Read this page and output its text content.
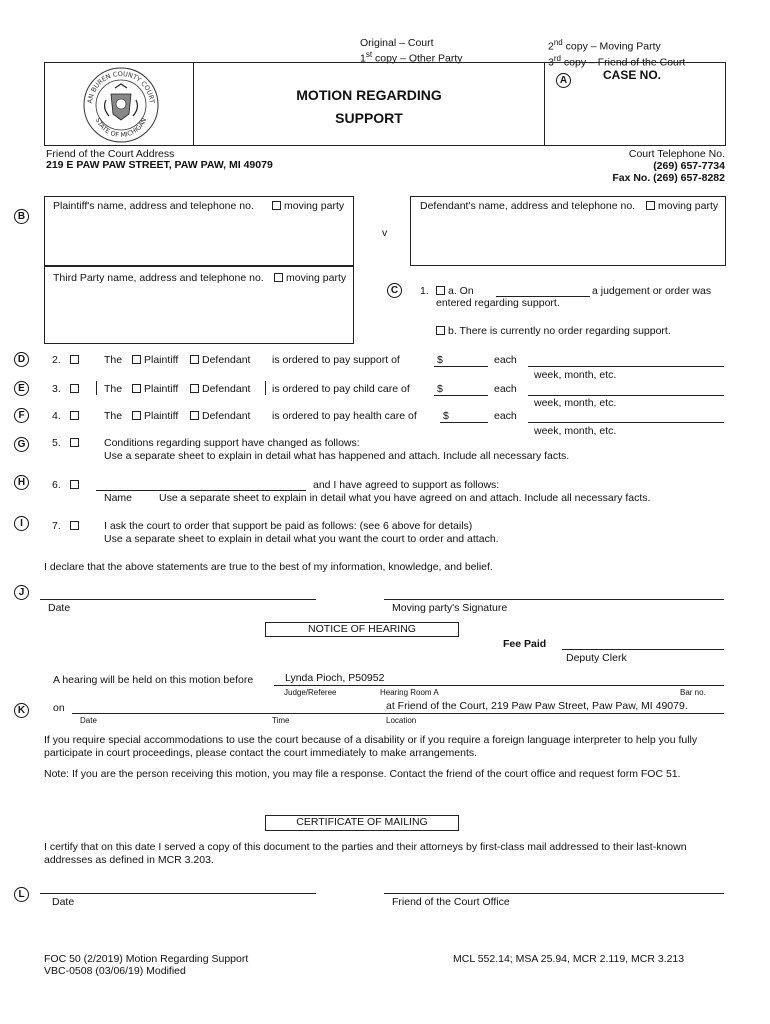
Original – Court
1st copy – Other Party
2nd copy – Moving Party
3rd copy – Friend of the Court
AN BUREN COUNTY COURT
STATE OF MICHIGAN
MOTION REGARDING
SUPPORT
A	CASE NO.
Friend of the Court Address
219 E PAW PAW STREET, PAW PAW, MI 49079
Court Telephone No.
(269) 657-7734
Fax No. (269) 657-8282
B
Plaintiff's name, address and telephone no.	moving party
v
Defendant's name, address and telephone no.	moving party
Third Party name, address and telephone no.	moving party
C	1.	a. On	a judgement or order was
entered regarding support.
b. There is currently no order regarding support.
D	2.	The	Plaintiff	Defendant is ordered to pay support of	$	each
week, month, etc.
E	3.	The	Plaintiff	Defendant is ordered to pay child care of	$	each
week, month, etc.
F	4.	The	Plaintiff	Defendant is ordered to pay health care of $	each
week, month, etc.
G	5.	Conditions regarding support have changed as follows:
Use a separate sheet to explain in detail what has happened and attach. Include all necessary facts.
H	6.	and I have agreed to support as follows:
Name	Use a separate sheet to explain in detail what you have agreed on and attach. Include all necessary facts.
I	7.	I ask the court to order that support be paid as follows: (see 6 above for details)
Use a separate sheet to explain in detail what you want the court to order and attach.
I declare that the above statements are true to the best of my information, knowledge, and belief.
J
Date	Moving party's Signature
NOTICE OF HEARING
Fee Paid
Deputy Clerk
A hearing will be held on this motion before	Lynda Pioch, P50952
Judge/Referee	Hearing Room A	Bar no.
K	on	at Friend of the Court, 219 Paw Paw Street, Paw Paw, MI 49079.
Date	Time	Location
If you require special accommodations to use the court because of a disability or if you require a foreign language interpreter to help you fully participate in court proceedings, please contact the court immediately to make arrangements.
Note: If you are the person receiving this motion, you may file a response. Contact the friend of the court office and request form FOC 51.
CERTIFICATE OF MAILING
I certify that on this date I served a copy of this document to the parties and their attorneys by first-class mail addressed to their last-known addresses as defined in MCR 3.203.
L
Date	Friend of the Court Office
FOC 50 (2/2019) Motion Regarding Support
VBC-0508 (03/06/19) Modified
MCL 552.14; MSA 25.94, MCR 2.119, MCR 3.213
